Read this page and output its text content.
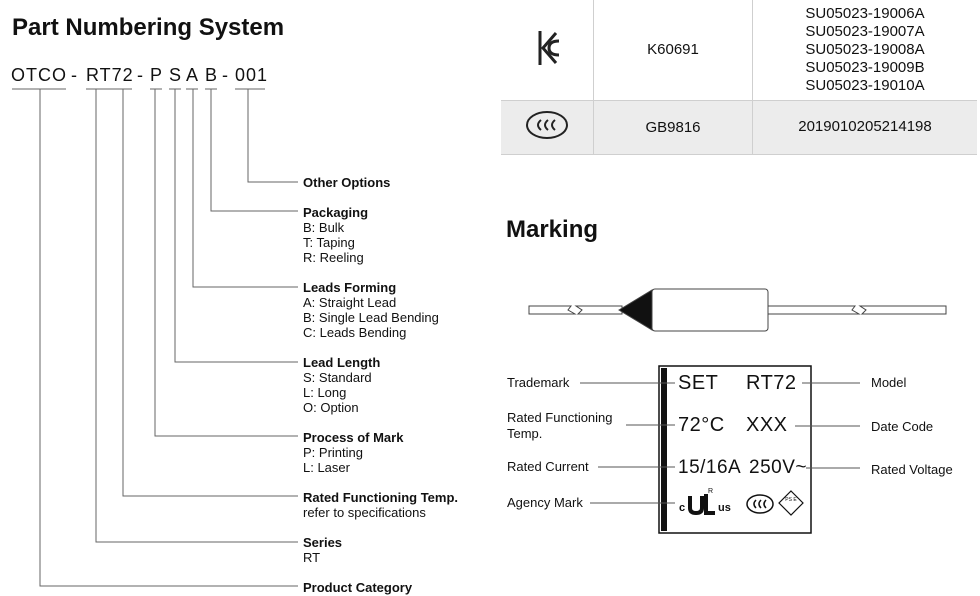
Part Numbering System
OTCO - RT72 - P S A B - 001
Other Options
Packaging
B: Bulk
T: Taping
R: Reeling
Leads Forming
A: Straight Lead
B: Single Lead Bending
C: Leads Bending
Lead Length
S: Standard
L: Long
O: Option
Process of Mark
P: Printing
L: Laser
Rated Functioning Temp.
refer to specifications
Series
RT
Product Category
	K60691	SU05023-19006A
SU05023-19007A
SU05023-19008A
SU05023-19009B
SU05023-19010A

	GB9816	2019010205214198
Marking
SET RT72
72°C XXX
15/16A 250V~
c
R
us
PS E
Trademark
Rated Functioning
Temp.
Rated Current
Agency Mark
Model
Date Code
Rated Voltage
